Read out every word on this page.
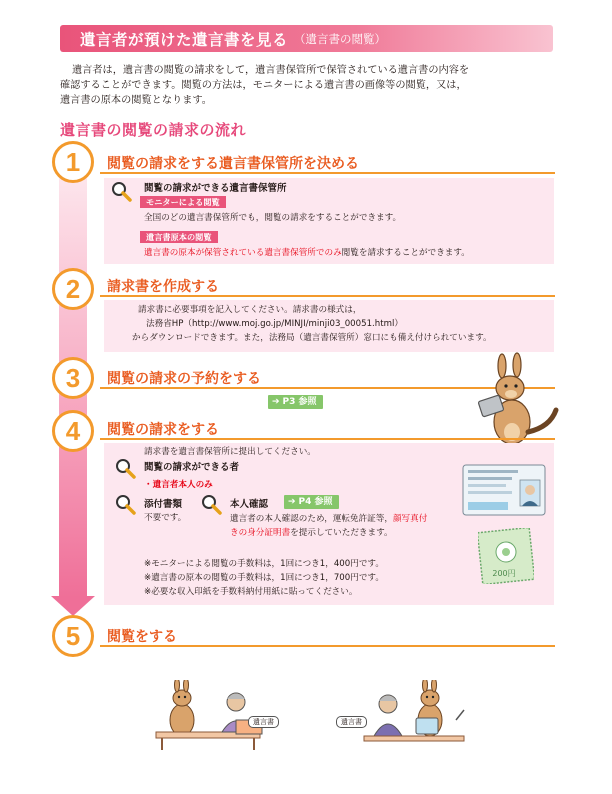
遺言者が預けた遺言書を見る （遺言書の閲覧）
遺言者は，遺言書の閲覧の請求をして，遺言書保管所で保管されている遺言書の内容を
確認することができます。閲覧の方法は，モニターによる遺言書の画像等の閲覧，又は，
遺言書の原本の閲覧となります。
遺言書の閲覧の請求の流れ
1	閲覧の請求をする遺言書保管所を決める
閲覧の請求ができる遺言書保管所
モニターによる閲覧
全国のどの遺言書保管所でも，閲覧の請求をすることができます。
遺言書原本の閲覧
遺言書の原本が保管されている遺言書保管所でのみ閲覧を請求することができます。
2	請求書を作成する
請求書に必要事項を記入してください。請求書の様式は，
法務省HP（http://www.moj.go.jp/MINJI/minji03_00051.html）
からダウンロードできます。また，法務局（遺言書保管所）窓口にも備え付けられています。
3	閲覧の請求の予約をする
➔ P3 参照
4	閲覧の請求をする
請求書を遺言書保管所に提出してください。
閲覧の請求ができる者
・遺言者本人のみ
添付書類
不要です。
本人確認	➔ P4 参照
遺言者の本人確認のため，運転免許証等，顔写真付
きの身分証明書を提示していただきます。
※モニターによる閲覧の手数料は，1回につき1，400円です。
※遺言書の原本の閲覧の手数料は，1回につき1，700円です。
※必要な収入印紙を手数料納付用紙に貼ってください。
200円
5	閲覧をする
遺言書	遺言書
